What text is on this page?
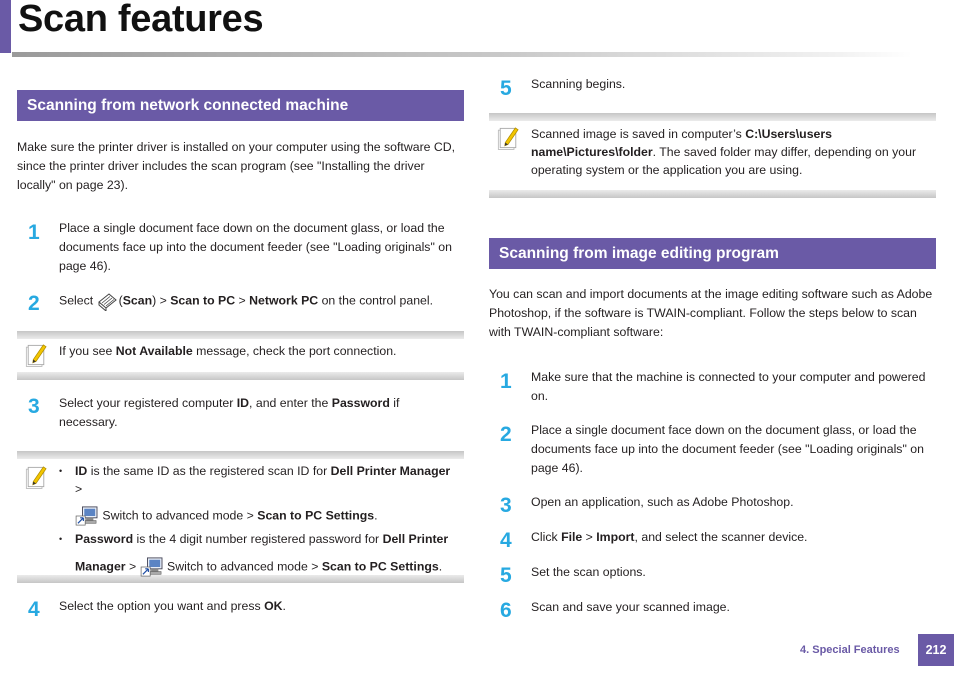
Scan features
Scanning from network connected machine
Make sure the printer driver is installed on your computer using the software CD, since the printer driver includes the scan program (see "Installing the driver locally" on page 23).
1	Place a single document face down on the document glass, or load the documents face up into the document feeder (see "Loading originals" on page 46).
2	Select (Scan) > Scan to PC > Network PC on the control panel.
If you see Not Available message, check the port connection.
3	Select your registered computer ID, and enter the Password if necessary.
• ID is the same ID as the registered scan ID for Dell Printer Manager >
Switch to advanced mode > Scan to PC Settings.
• Password is the 4 digit number registered password for Dell Printer
Manager >  Switch to advanced mode > Scan to PC Settings.
4	Select the option you want and press OK.
5	Scanning begins.
Scanned image is saved in computer’s C:\Users\users name\Pictures\folder. The saved folder may differ, depending on your operating system or the application you are using.
Scanning from image editing program
You can scan and import documents at the image editing software such as Adobe Photoshop, if the software is TWAIN-compliant. Follow the steps below to scan with TWAIN-compliant software:
1	Make sure that the machine is connected to your computer and powered on.
2	Place a single document face down on the document glass, or load the documents face up into the document feeder (see "Loading originals" on page 46).
3	Open an application, such as Adobe Photoshop.
4	Click File > Import, and select the scanner device.
5	Set the scan options.
6	Scan and save your scanned image.
4. Special Features	212
